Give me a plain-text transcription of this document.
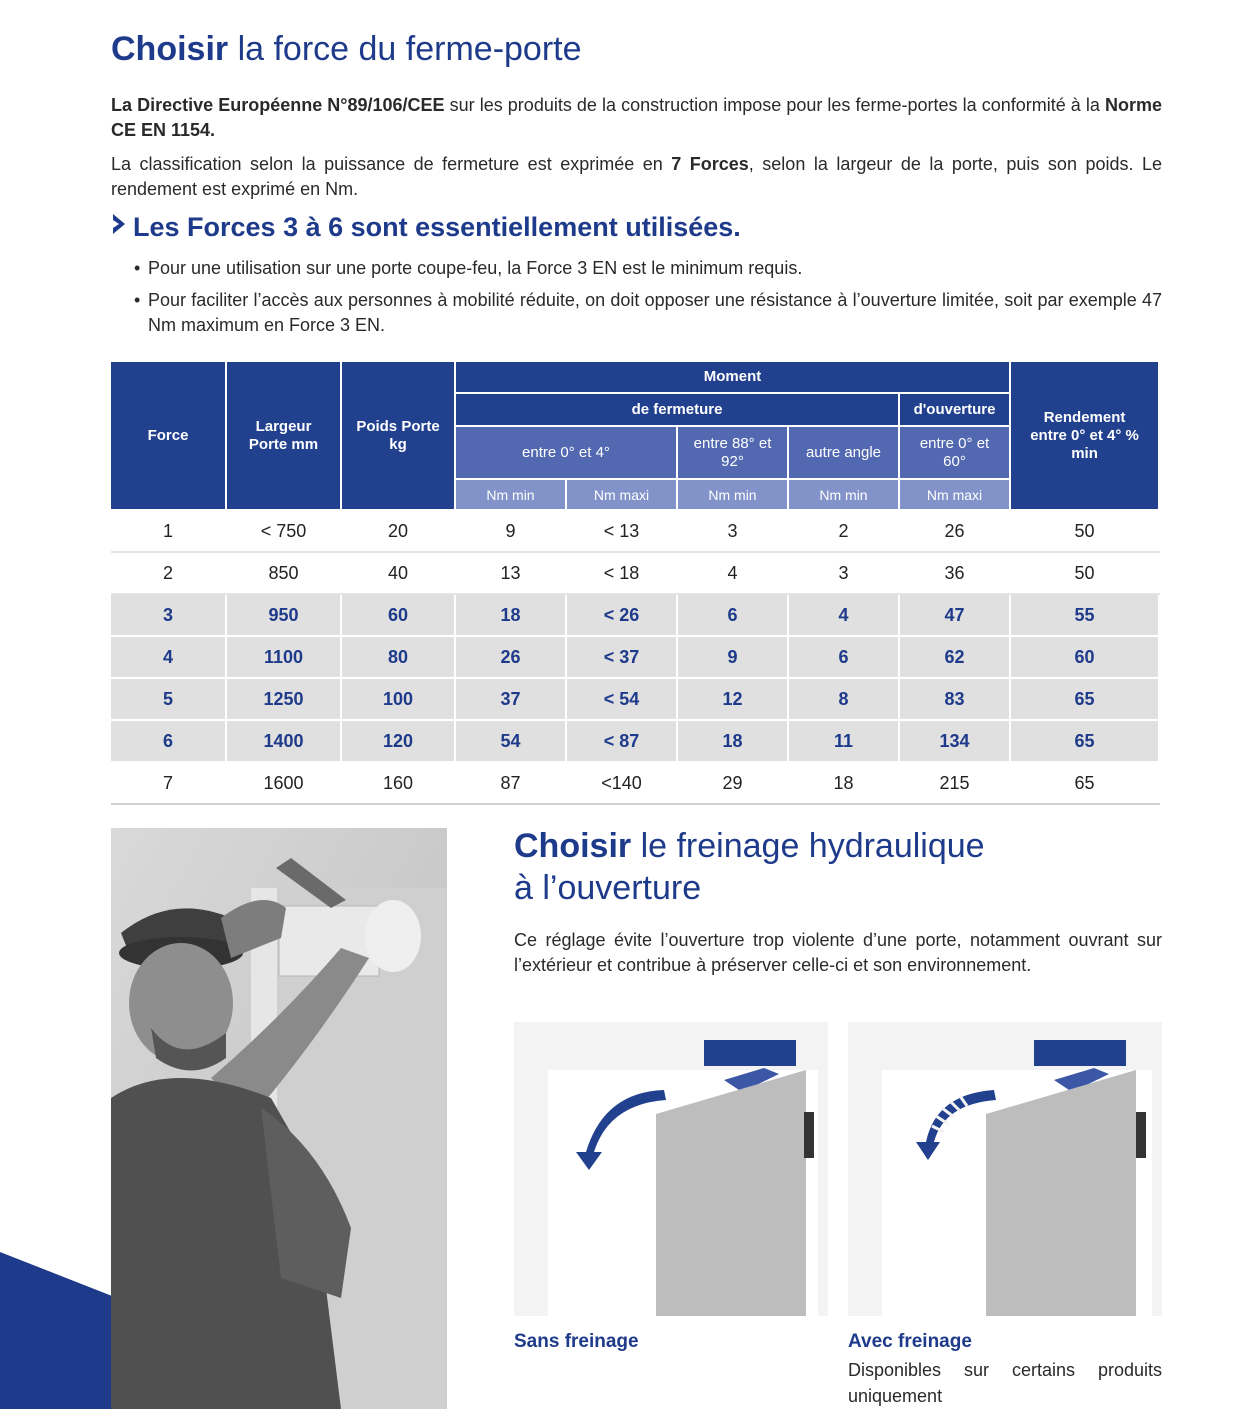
Choisir la force du ferme-porte
La Directive Européenne N°89/106/CEE sur les produits de la construction impose pour les ferme-portes la conformité à la Norme CE EN 1154.
La classification selon la puissance de fermeture est exprimée en 7 Forces, selon la largeur de la porte, puis son poids. Le rendement est exprimé en Nm.
Les Forces 3 à 6 sont essentiellement utilisées.
• Pour une utilisation sur une porte coupe-feu, la Force 3 EN est le minimum requis.
• Pour faciliter l’accès aux personnes à mobilité réduite, on doit opposer une résistance à l’ouverture limitée, soit par exemple 47 Nm maximum en Force 3 EN.
Force	Largeur Porte mm	Poids Porte kg	Moment					Rendement entre 0° et 4° % min

			de fermeture				d'ouverture	
			entre 0° et 4°		entre 88° et 92°	autre angle	entre 0° et 60°	

			Nm min	Nm maxi	Nm min	Nm min	Nm maxi	
1	< 750	20	9	< 13	3	2	26	50
2	850	40	13	< 18	4	3	36	50
3	950	60	18	< 26	6	4	47	55
4	1100	80	26	< 37	9	6	62	60
5	1250	100	37	< 54	12	8	83	65
6	1400	120	54	< 87	18	11	134	65
7	1600	160	87	<140	29	18	215	65
Choisir le freinage hydraulique
à l’ouverture
Ce réglage évite l’ouverture trop violente d’une porte, notamment ouvrant sur l’extérieur et contribue à préserver celle-ci et son environnement.
Sans freinage	Avec freinage
Disponibles sur certains produits uniquement
